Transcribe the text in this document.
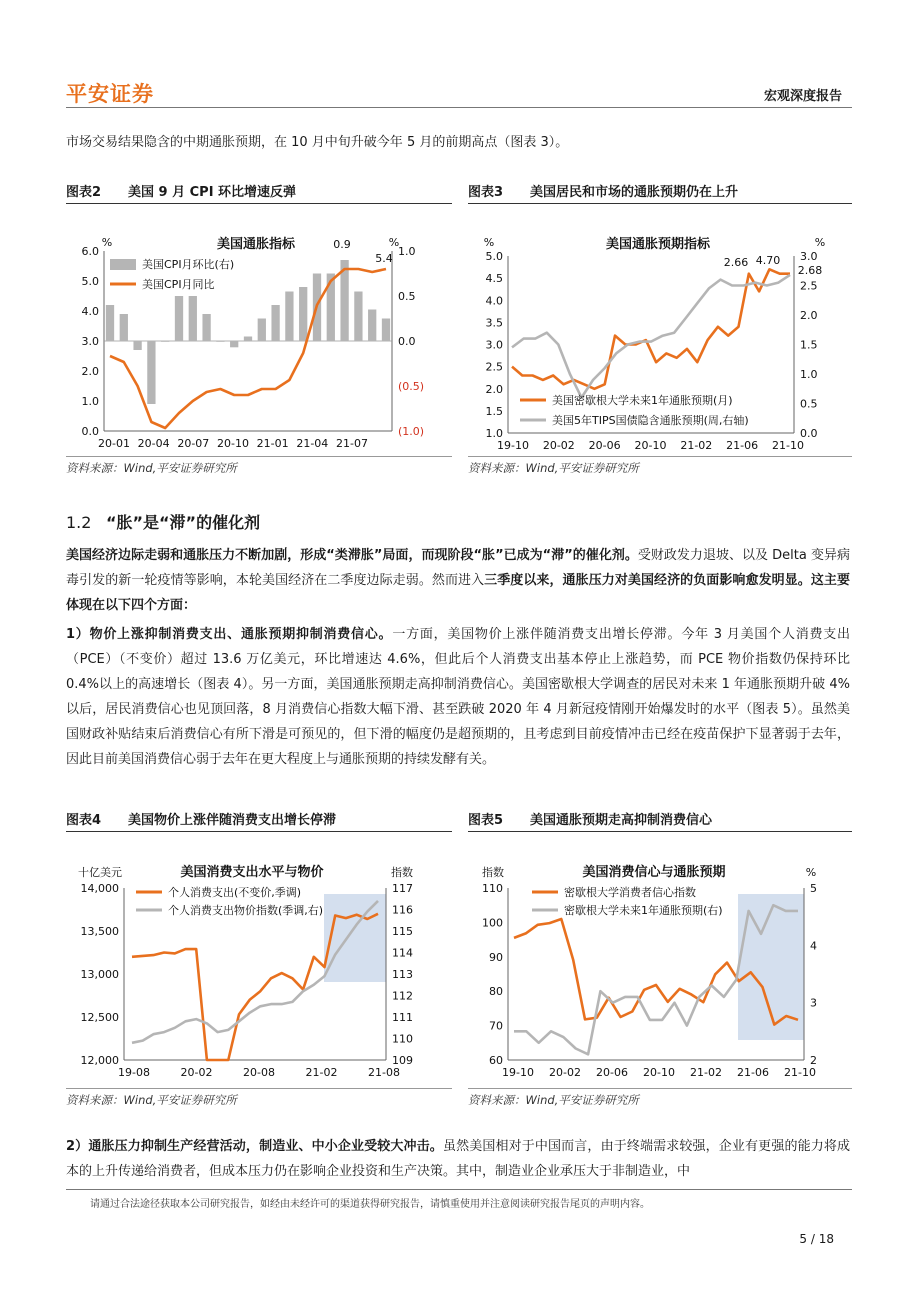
平安证券	宏观深度报告

市场交易结果隐含的中期通胀预期，在 10 月中旬升破今年 5 月的前期高点（图表 3）。

图表2 美国 9 月 CPI 环比增速反弹
6.0
5.0
4.0
3.0
2.0
1.0
0.0
1.0
0.5
0.0
(0.5)
(1.0)
20-01 20-04 20-07 20-10 21-01 21-04 21-07
%	%
美国通胀指标
美国CPI月环比(右)
美国CPI月同比
0.9
5.4
资料来源：Wind,平安证券研究所
图表3 美国居民和市场的通胀预期仍在上升
5.0
4.5
4.0
3.5
3.0
2.5
2.0
1.5
1.0
3.0
2.5
2.0
1.5
1.0
0.5
0.0
19-10 20-02 20-06 20-10 21-02 21-06 21-10
%	%
美国通胀预期指标
美国密歇根大学未来1年通胀预期(月)
美国5年TIPS国债隐含通胀预期(周,右轴)
2.66 4.70
2.68
资料来源：Wind,平安证券研究所
1.2 “胀”是“滞”的催化剂

美国经济边际走弱和通胀压力不断加剧，形成“类滞胀”局面，而现阶段“胀”已成为“滞”的催化剂。受财政发力退坡、以及 Delta 变异病毒引发的新一轮疫情等影响，本轮美国经济在二季度边际走弱。然而进入三季度以来，通胀压力对美国经济的负面影响愈发明显。这主要体现在以下四个方面：

1）物价上涨抑制消费支出、通胀预期抑制消费信心。一方面，美国物价上涨伴随消费支出增长停滞。今年 3 月美国个人消费支出（PCE）（不变价）超过 13.6 万亿美元，环比增速达 4.6%，但此后个人消费支出基本停止上涨趋势，而 PCE 物价指数仍保持环比 0.4%以上的高速增长（图表 4）。另一方面，美国通胀预期走高抑制消费信心。美国密歇根大学调查的居民对未来 1 年通胀预期升破 4%以后，居民消费信心也见顶回落，8 月消费信心指数大幅下滑、甚至跌破 2020 年 4 月新冠疫情刚开始爆发时的水平（图表 5）。虽然美国财政补贴结束后消费信心有所下滑是可预见的，但下滑的幅度仍是超预期的，且考虑到目前疫情冲击已经在疫苗保护下显著弱于去年，因此目前美国消费信心弱于去年在更大程度上与通胀预期的持续发酵有关。

图表4 美国物价上涨伴随消费支出增长停滞
14,000
13,500
13,000
12,500
12,000
117
116
115
114
113
112
111
110
109
19-08	20-02	20-08	21-02	21-08
十亿美元	指数
美国消费支出水平与物价
个人消费支出(不变价,季调)
个人消费支出物价指数(季调,右)
资料来源：Wind,平安证券研究所
图表5 美国通胀预期走高抑制消费信心
110
100
90
80
70
60
5
4
3
2
19-10 20-02 20-06 20-10 21-02 21-06 21-10
指数	%
美国消费信心与通胀预期
密歇根大学消费者信心指数
密歇根大学未来1年通胀预期(右)
资料来源：Wind,平安证券研究所

2）通胀压力抑制生产经营活动，制造业、中小企业受较大冲击。虽然美国相对于中国而言，由于终端需求较强，企业有更强的能力将成本的上升传递给消费者，但成本压力仍在影响企业投资和生产决策。其中，制造业企业承压大于非制造业，中

请通过合法途径获取本公司研究报告，如经由未经许可的渠道获得研究报告，请慎重使用并注意阅读研究报告尾页的声明内容。
5 / 18
